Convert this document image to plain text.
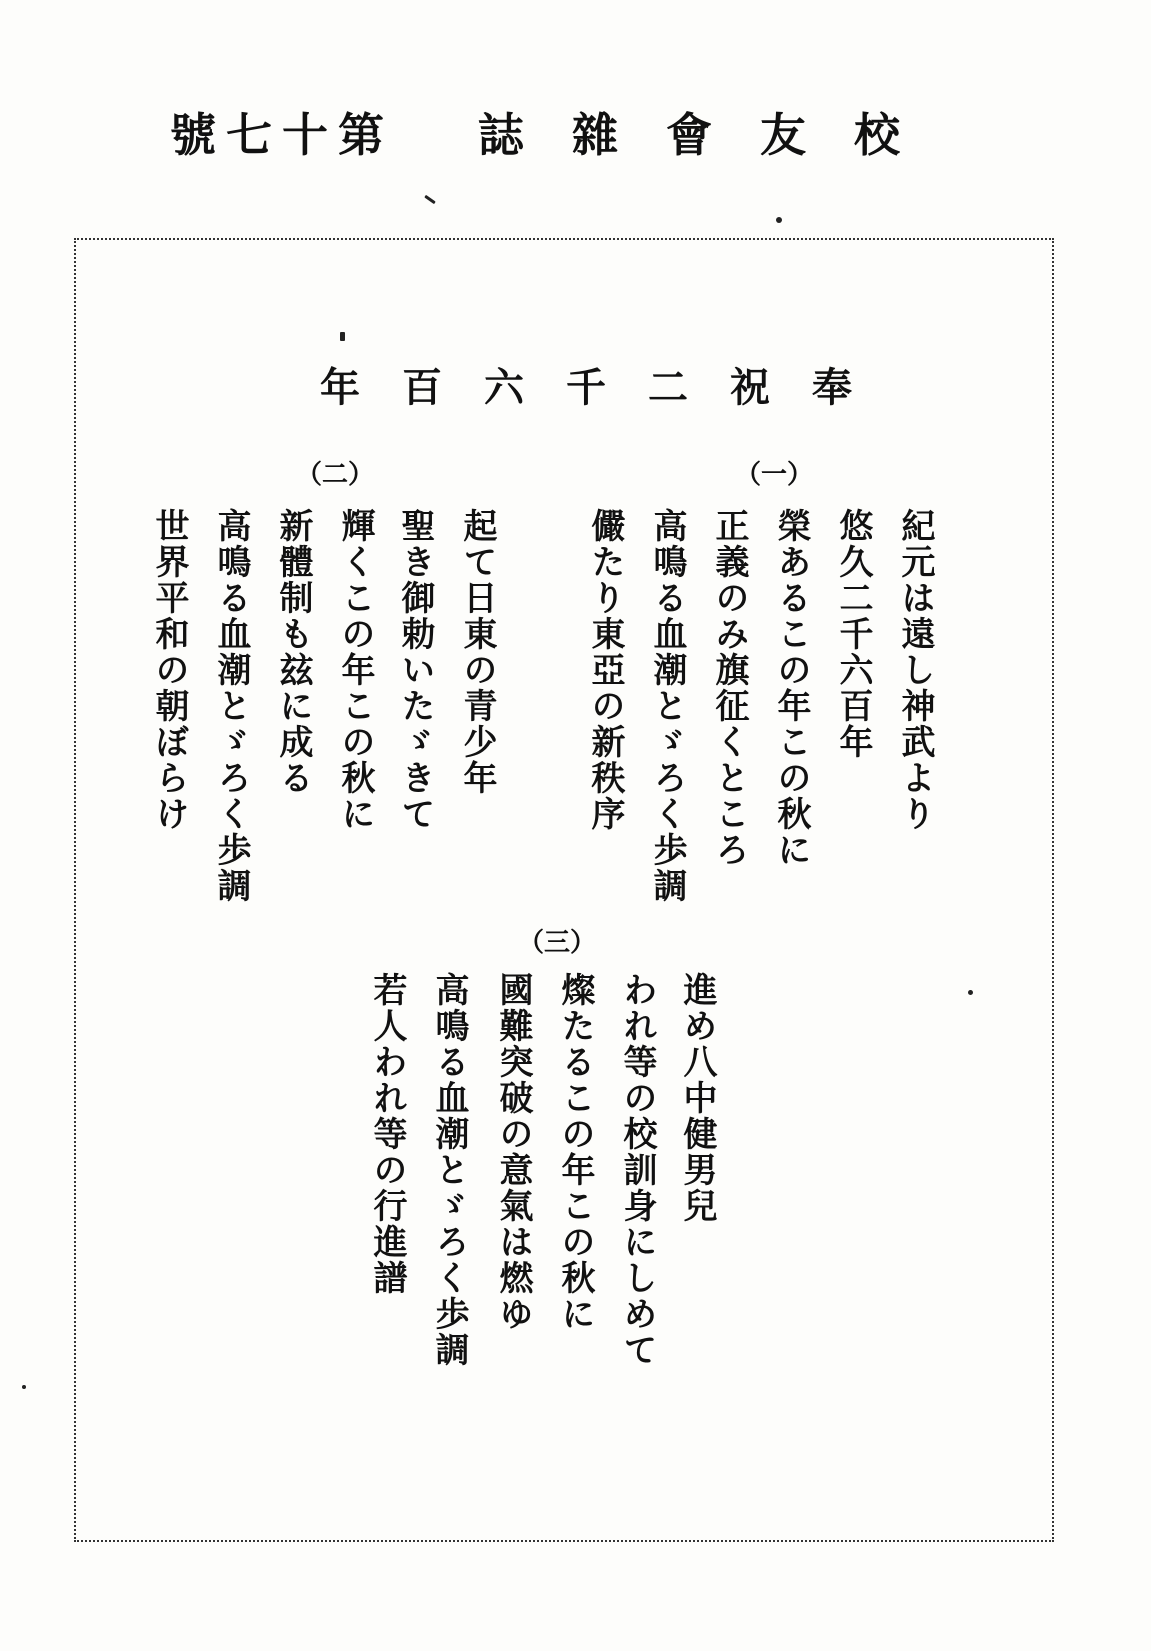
號七十第 誌雜會友校
年百六千二祝奉
（一）
紀元は遠し神武より
悠久二千六百年
榮あるこの年この秋に
正義のみ旗征くところ
高鳴る血潮とゞろく歩調
儼たり東亞の新秩序
（二）
起て日東の青少年
聖き御勅いたゞきて
輝くこの年この秋に
新體制も玆に成る
高鳴る血潮とゞろく歩調
世界平和の朝ぼらけ
（三）
進め八中健男兒
われ等の校訓身にしめて
燦たるこの年この秋に
國難突破の意氣は燃ゆ
高鳴る血潮とゞろく歩調
若人われ等の行進譜
